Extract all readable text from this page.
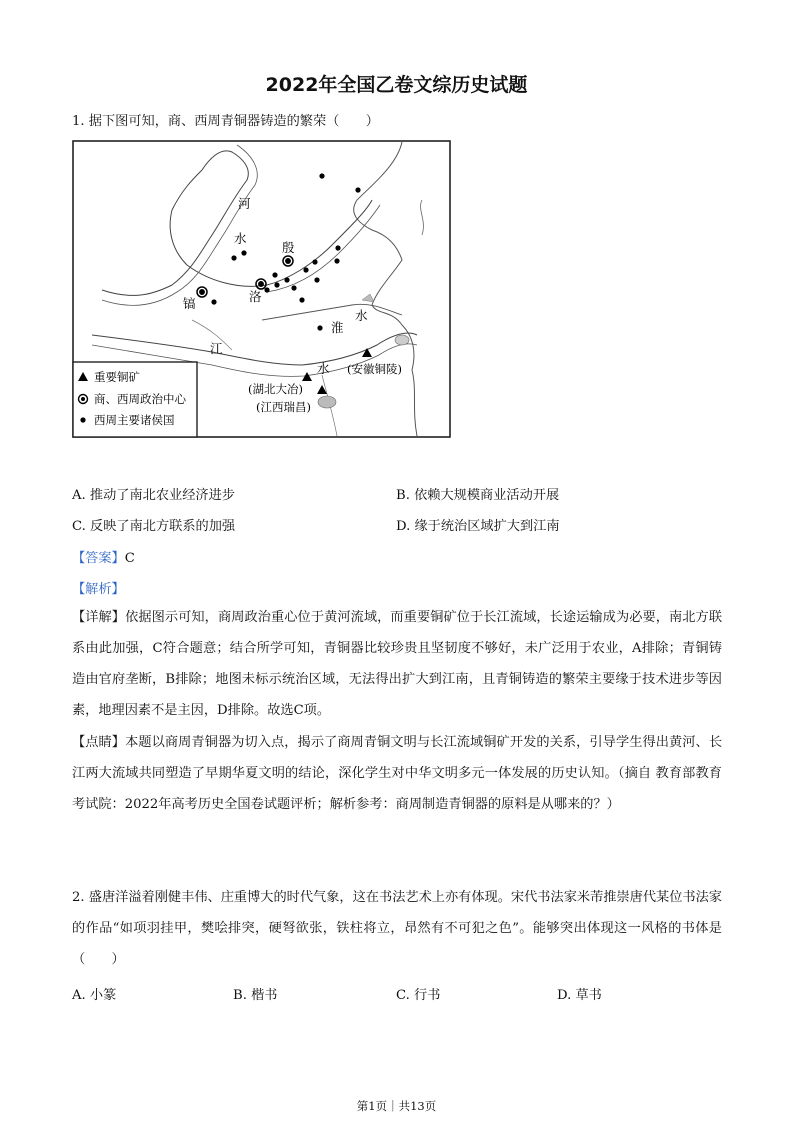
2022年全国乙卷文综历史试题
1. 据下图可知，商、西周青铜器铸造的繁荣（　　）
河
水
殷
洛
镐
淮
水
江
水 (安徽铜陵)
(湖北大冶)
(江西瑞昌)
重要铜矿
商、西周政治中心
西周主要诸侯国
A. 推动了南北农业经济进步	B. 依赖大规模商业活动开展
C. 反映了南北方联系的加强	D. 缘于统治区域扩大到江南
【答案】C
【解析】
【详解】依据图示可知，商周政治重心位于黄河流域，而重要铜矿位于长江流域，长途运输成为必要，南北方联系由此加强，C符合题意；结合所学可知，青铜器比较珍贵且坚韧度不够好，未广泛用于农业，A排除；青铜铸造由官府垄断，B排除；地图未标示统治区域，无法得出扩大到江南，且青铜铸造的繁荣主要缘于技术进步等因素，地理因素不是主因，D排除。故选C项。
【点睛】本题以商周青铜器为切入点，揭示了商周青铜文明与长江流域铜矿开发的关系，引导学生得出黄河、长江两大流域共同塑造了早期华夏文明的结论，深化学生对中华文明多元一体发展的历史认知。（摘自 教育部教育考试院：2022年高考历史全国卷试题评析；解析参考：商周制造青铜器的原料是从哪来的？）
2. 盛唐洋溢着刚健丰伟、庄重博大的时代气象，这在书法艺术上亦有体现。宋代书法家米芾推崇唐代某位书法家的作品“如项羽挂甲，樊哙排突，硬弩欲张，铁柱将立，昂然有不可犯之色”。能够突出体现这一风格的书体是（　　）
A. 小篆	B. 楷书	C. 行书	D. 草书
第1页｜共13页
